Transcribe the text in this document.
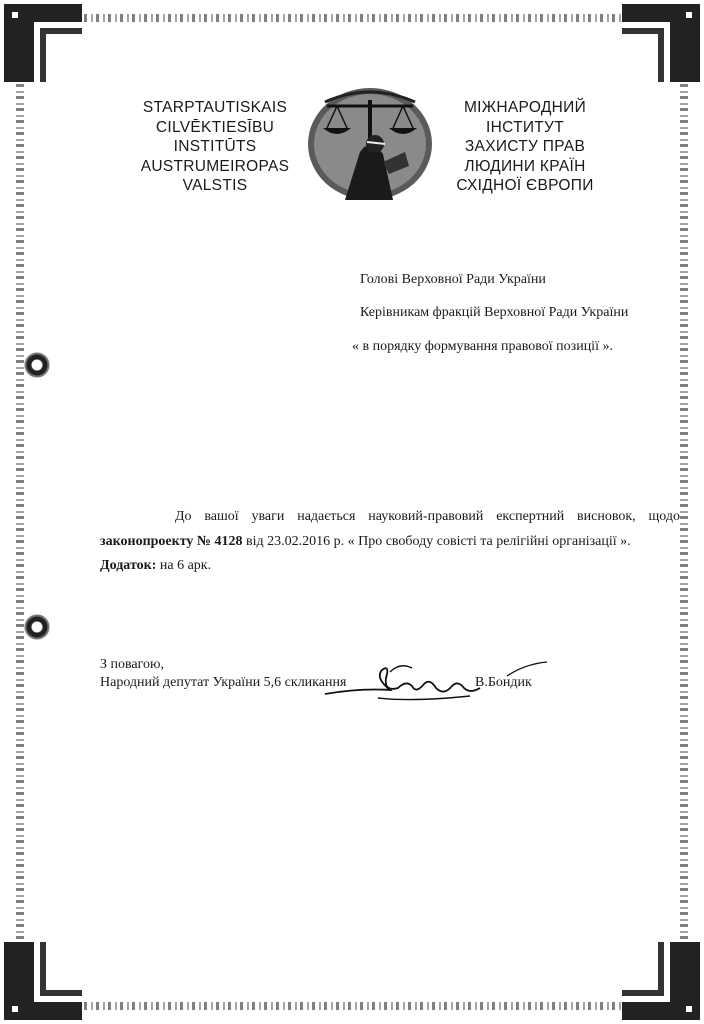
STARPTAUTISKAIS
CILVĒKTIESĪBU
INSTITŪTS
AUSTRUMEIROPAS
VALSTIS
МІЖНАРОДНИЙ
ІНСТИТУТ
ЗАХИСТУ ПРАВ
ЛЮДИНИ КРАЇН
СХІДНОЇ ЄВРОПИ
Голові Верховної Ради України
Керівникам фракцій Верховної Ради України
« в порядку формування правової позиції ».
До вашої уваги надається науковий-правовий експертний висновок, щодо законопроекту № 4128 від 23.02.2016 р. « Про свободу совісті та релігійні організації ».
Додаток: на 6 арк.
З повагою,
Народний депутат України 5,6 скликання	В.Бондик
